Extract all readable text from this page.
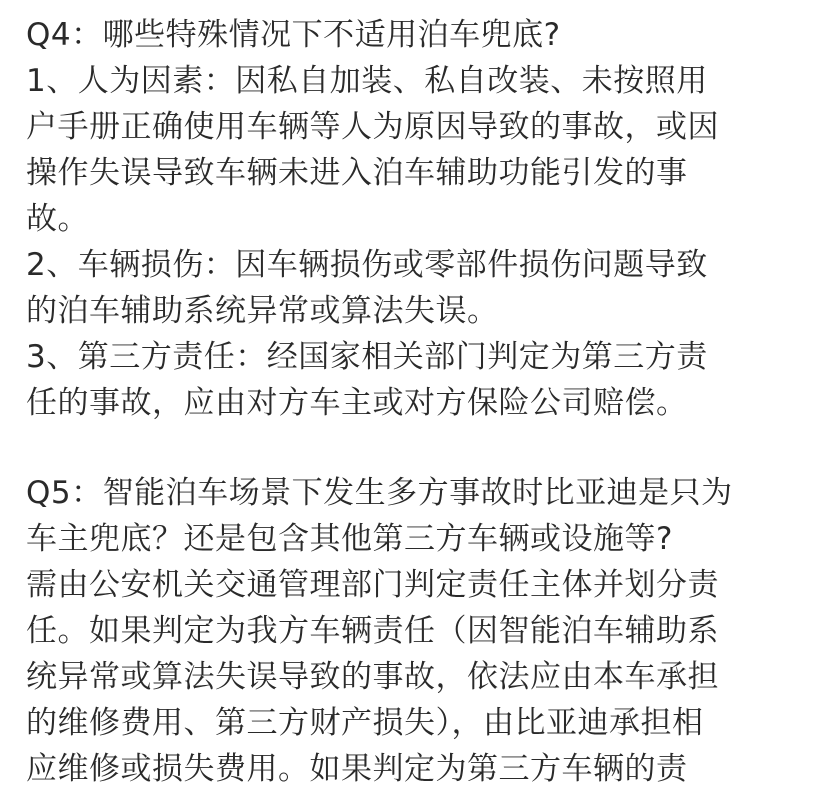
Q4：哪些特殊情况下不适用泊车兜底?
1、人为因素：因私自加装、私自改装、未按照用
户手册正确使用车辆等人为原因导致的事故，或因
操作失误导致车辆未进入泊车辅助功能引发的事
故。
2、车辆损伤：因车辆损伤或零部件损伤问题导致
的泊车辅助系统异常或算法失误。
3、第三方责任：经国家相关部门判定为第三方责
任的事故，应由对方车主或对方保险公司赔偿。
Q5：智能泊车场景下发生多方事故时比亚迪是只为
车主兜底？还是包含其他第三方车辆或设施等?
需由公安机关交通管理部门判定责任主体并划分责
任。如果判定为我方车辆责任（因智能泊车辅助系
统异常或算法失误导致的事故，依法应由本车承担
的维修费用、第三方财产损失），由比亚迪承担相
应维修或损失费用。如果判定为第三方车辆的责
